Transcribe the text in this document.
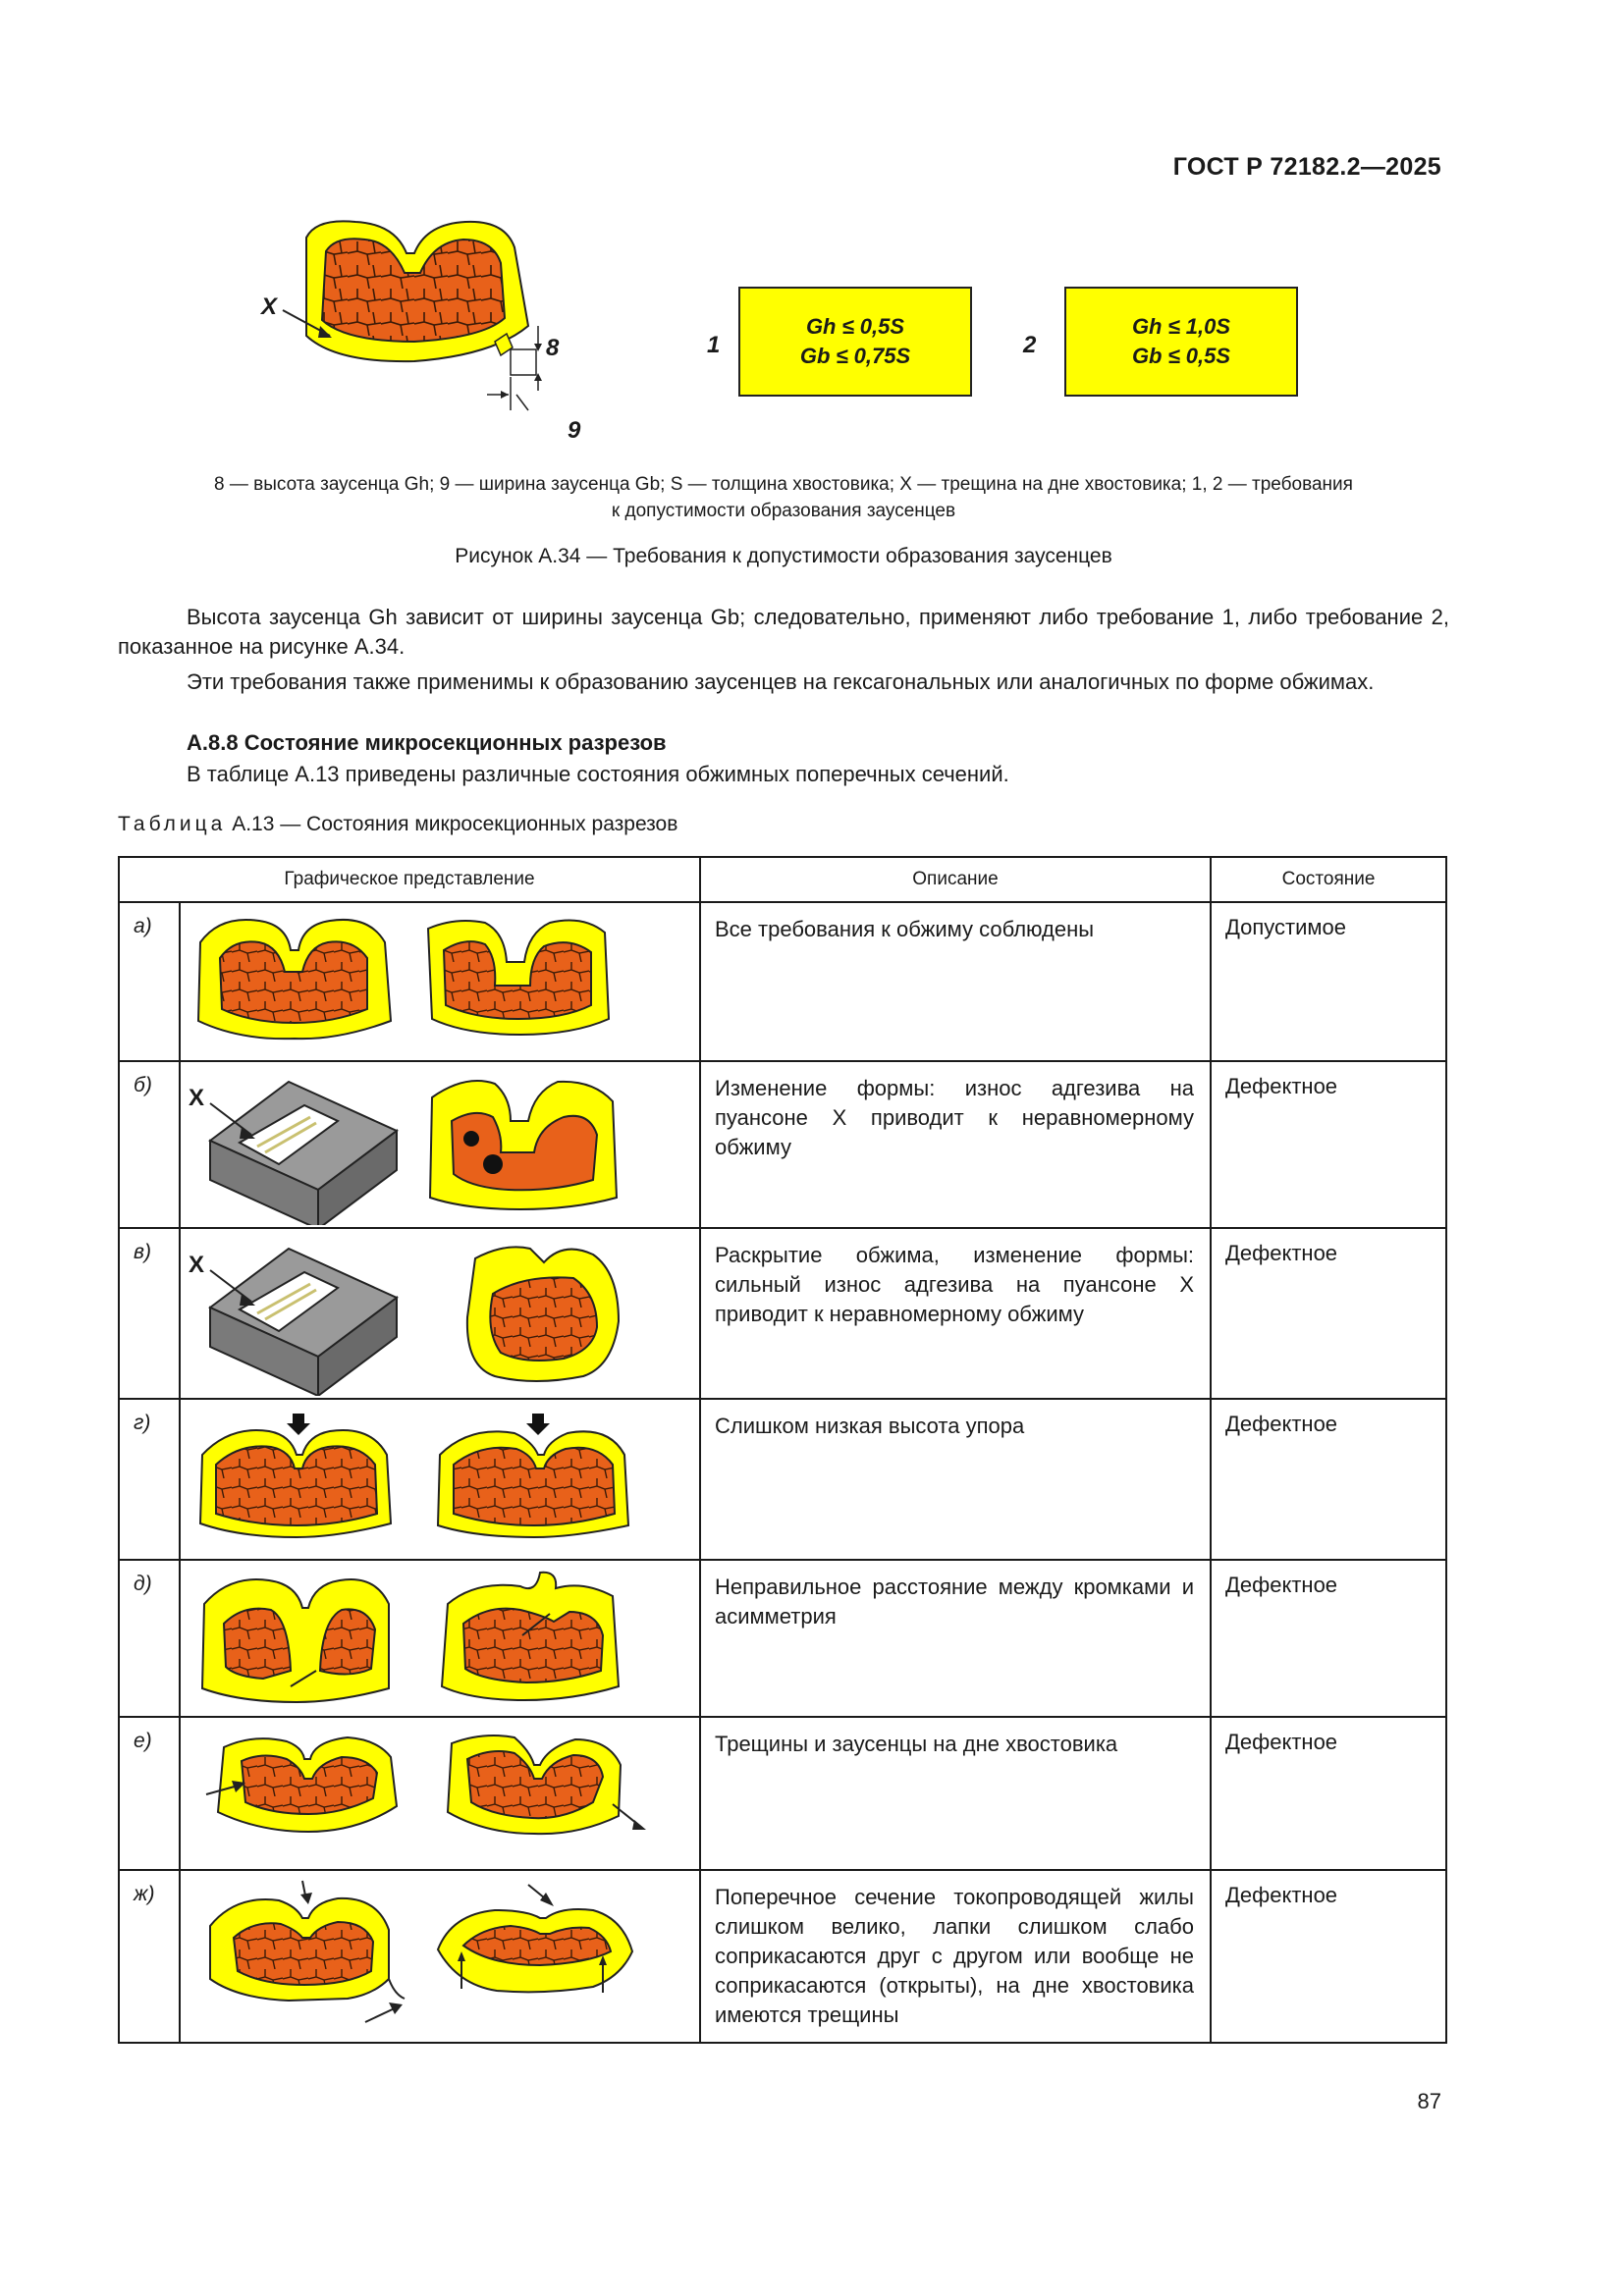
ГОСТ Р 72182.2—2025
X
8
9
1
Gh ≤ 0,5S
Gb ≤ 0,75S	2
Gh ≤ 1,0S
Gb ≤ 0,5S
8 — высота заусенца Gh; 9 — ширина заусенца Gb; S — толщина хвостовика; X — трещина на дне хвостовика; 1, 2 — требования
к допустимости образования заусенцев
Рисунок А.34 — Требования к допустимости образования заусенцев
Высота заусенца Gh зависит от ширины заусенца Gb; следовательно, применяют либо требование 1, либо требование 2, показанное на рисунке А.34.
Эти требования также применимы к образованию заусенцев на гексагональных или аналогичных по форме обжимах.
А.8.8 Состояние микросекционных разрезов
В таблице А.13 приведены различные состояния обжимных поперечных сечений.
Таблица А.13 — Состояния микросекционных разрезов
Графическое представление		Описание	Состояние
а)		Все требования к обжиму соблюдены	Допустимое
б)	X	Изменение формы: износ адгезива на пуансоне X приводит к неравномерному обжиму	Дефектное
в)	X	Раскрытие обжима, изменение формы: сильный износ адгезива на пуансоне X приводит к неравномерному обжиму	Дефектное
г)		Слишком низкая высота упора	Дефектное
д)		Неправильное расстояние между кромками и асимметрия	Дефектное
е)		Трещины и заусенцы на дне хвостовика	Дефектное
ж)		Поперечное сечение токопроводящей жилы слишком велико, лапки слишком слабо соприкасаются друг с другом или вообще не соприкасаются (открыты), на дне хвостовика имеются трещины	Дефектное
87
